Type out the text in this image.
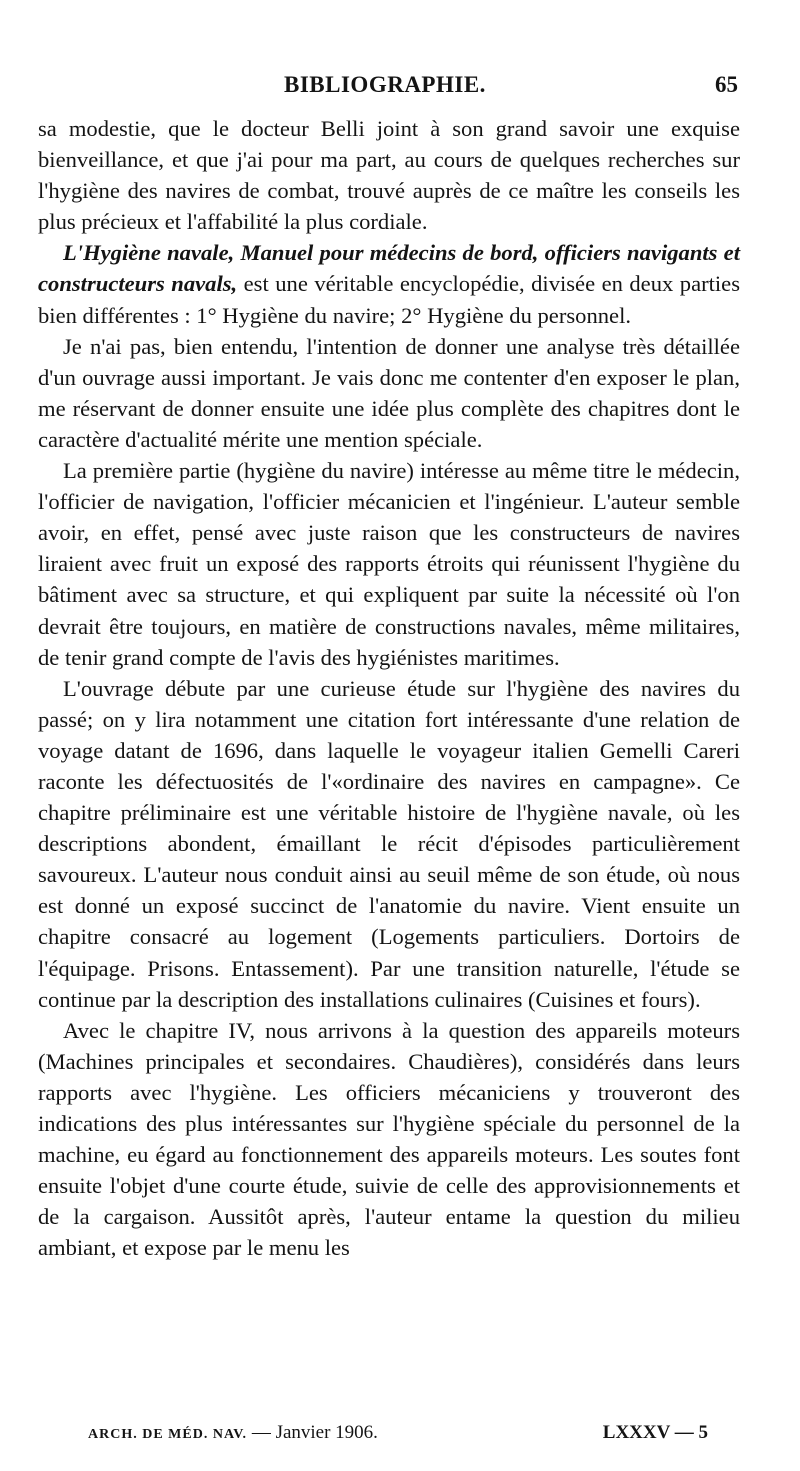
BIBLIOGRAPHIE.	65

sa modestie, que le docteur Belli joint à son grand savoir une exquise bienveillance, et que j'ai pour ma part, au cours de quelques recherches sur l'hygiène des navires de combat, trouvé auprès de ce maître les conseils les plus précieux et l'affabilité la plus cordiale.

L'Hygiène navale, Manuel pour médecins de bord, officiers navigants et constructeurs navals, est une véritable encyclopédie, divisée en deux parties bien différentes : 1° Hygiène du navire; 2° Hygiène du personnel.

Je n'ai pas, bien entendu, l'intention de donner une analyse très détaillée d'un ouvrage aussi important. Je vais donc me contenter d'en exposer le plan, me réservant de donner ensuite une idée plus complète des chapitres dont le caractère d'actualité mérite une mention spéciale.

La première partie (hygiène du navire) intéresse au même titre le médecin, l'officier de navigation, l'officier mécanicien et l'ingénieur. L'auteur semble avoir, en effet, pensé avec juste raison que les constructeurs de navires liraient avec fruit un exposé des rapports étroits qui réunissent l'hygiène du bâtiment avec sa structure, et qui expliquent par suite la nécessité où l'on devrait être toujours, en matière de constructions navales, même militaires, de tenir grand compte de l'avis des hygiénistes maritimes.

L'ouvrage débute par une curieuse étude sur l'hygiène des navires du passé; on y lira notamment une citation fort intéressante d'une relation de voyage datant de 1696, dans laquelle le voyageur italien Gemelli Careri raconte les défectuosités de l'«ordinaire des navires en campagne». Ce chapitre préliminaire est une véritable histoire de l'hygiène navale, où les descriptions abondent, émaillant le récit d'épisodes particulièrement savoureux. L'auteur nous conduit ainsi au seuil même de son étude, où nous est donné un exposé succinct de l'anatomie du navire. Vient ensuite un chapitre consacré au logement (Logements particuliers. Dortoirs de l'équipage. Prisons. Entassement). Par une transition naturelle, l'étude se continue par la description des installations culinaires (Cuisines et fours).

Avec le chapitre IV, nous arrivons à la question des appareils moteurs (Machines principales et secondaires. Chaudières), considérés dans leurs rapports avec l'hygiène. Les officiers mécaniciens y trouveront des indications des plus intéressantes sur l'hygiène spéciale du personnel de la machine, eu égard au fonctionnement des appareils moteurs. Les soutes font ensuite l'objet d'une courte étude, suivie de celle des approvisionnements et de la cargaison. Aussitôt après, l'auteur entame la question du milieu ambiant, et expose par le menu les

ARCH. DE MÉD. NAV. — Janvier 1906.	LXXXV — 5
